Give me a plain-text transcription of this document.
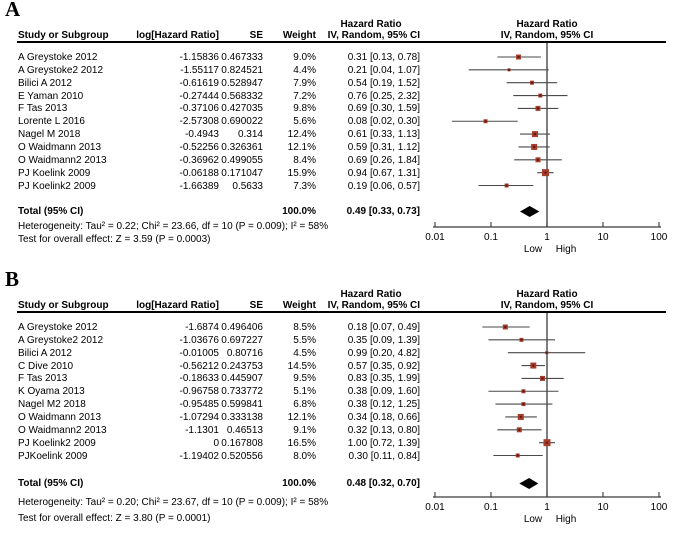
A
Hazard Ratio	Hazard Ratio
Study or Subgroup	log[Hazard Ratio]	SE	Weight	IV, Random, 95% CI	IV, Random, 95% CI
Total (95% CI)	100.0%	0.49 [0.33, 0.73]
Heterogeneity: Tau² = 0.22; Chi² = 23.66, df = 10 (P = 0.009); I² = 58%
Test for overall effect: Z = 3.59 (P = 0.0003)	0.01	0.1	1	10	100
Low High
A Greystoke 2012	-1.15836 0.467333	9.0%	0.31 [0.13, 0.78]
A Greystoke2 2012	-1.55117 0.824521	4.4%	0.21 [0.04, 1.07]
Bilici A 2012	-0.61619 0.528947	7.9%	0.54 [0.19, 1.52]
E Yaman 2010	-0.27444 0.568332	7.2%	0.76 [0.25, 2.32]
F Tas 2013	-0.37106 0.427035	9.8%	0.69 [0.30, 1.59]
Lorente L 2016	-2.57308 0.690022	5.6%	0.08 [0.02, 0.30]
Nagel M 2018	-0.4943	0.314	12.4%	0.61 [0.33, 1.13]
O Waidmann 2013	-0.52256 0.326361	12.1%	0.59 [0.31, 1.12]
O Waidmann2 2013	-0.36962 0.499055	8.4%	0.69 [0.26, 1.84]
PJ Koelink 2009	-0.06188 0.171047	15.9%	0.94 [0.67, 1.31]
PJ Koelink2 2009	-1.66389	0.5633	7.3%	0.19 [0.06, 0.57]
B
Hazard Ratio	Hazard Ratio
Study or Subgroup	log[Hazard Ratio]	SE	Weight	IV, Random, 95% CI	IV, Random, 95% CI
Total (95% CI)	100.0%	0.48 [0.32, 0.70]
Heterogeneity: Tau² = 0.20; Chi² = 23.67, df = 10 (P = 0.009); I² = 58%
Test for overall effect: Z = 3.80 (P = 0.0001)
0.01	0.1	1	10	100
Low High
A Greystoke 2012	-1.6874 0.496406	8.5%	0.18 [0.07, 0.49]
A Greystoke2 2012	-1.03676 0.697227	5.5%	0.35 [0.09, 1.39]
Bilici A 2012	-0.01005 0.80716	4.5%	0.99 [0.20, 4.82]
C Dive 2010	-0.56212 0.243753	14.5%	0.57 [0.35, 0.92]
F Tas 2013	-0.18633 0.445907	9.5%	0.83 [0.35, 1.99]
K Oyama 2013	-0.96758 0.733772	5.1%	0.38 [0.09, 1.60]
Nagel M2 2018	-0.95485 0.599841	6.8%	0.38 [0.12, 1.25]
O Waidmann 2013	-1.07294 0.333138	12.1%	0.34 [0.18, 0.66]
O Waidmann2 2013	-1.1301 0.46513	9.1%	0.32 [0.13, 0.80]
PJ Koelink2 2009	0 0.167808	16.5%	1.00 [0.72, 1.39]
PJKoelink 2009	-1.19402 0.520556	8.0%	0.30 [0.11, 0.84]
